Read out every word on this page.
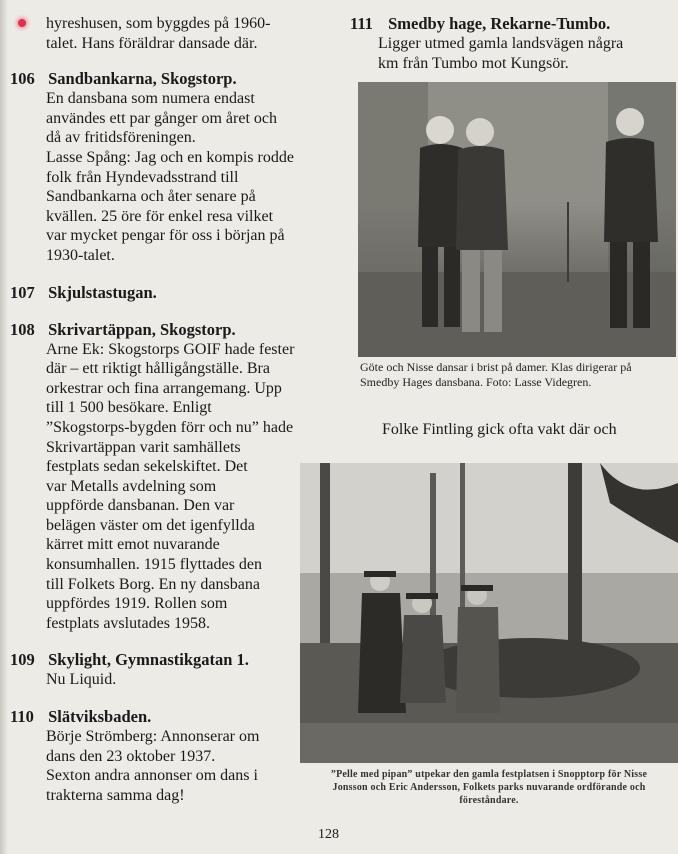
hyreshusen, som byggdes på 1960-

talet. Hans föräldrar dansade där.

106 Sandbankarna, Skogstorp.

En dansbana som numera endast

användes ett par gånger om året och

då av fritidsföreningen.

Lasse Spång: Jag och en kompis rodde

folk från Hyndevadsstrand till

Sandbankarna och åter senare på

kvällen. 25 öre för enkel resa vilket

var mycket pengar för oss i början på

1930-talet.

107 Skjulstastugan.

108 Skrivartäppan, Skogstorp.

Arne Ek: Skogstorps GOIF hade fester

där – ett riktigt hålligångställe. Bra

orkestrar och fina arrangemang. Upp

till 1 500 besökare. Enligt

”Skogstorps-bygden förr och nu” hade

Skrivartäppan varit samhällets

festplats sedan sekelskiftet. Det

var Metalls avdelning som

uppförde dansbanan. Den var

belägen väster om det igenfyllda

kärret mitt emot nuvarande

konsumhallen. 1915 flyttades den

till Folkets Borg. En ny dansbana

uppfördes 1919. Rollen som

festplats avslutades 1958.

109 Skylight, Gymnastikgatan 1.

Nu Liquid.

110 Slätviksbaden.

Börje Strömberg: Annonserar om

dans den 23 oktober 1937.

Sexton andra annonser om dans i

trakterna samma dag!

111 Smedby hage, Rekarne-Tumbo.

Ligger utmed gamla landsvägen några

km från Tumbo mot Kungsör.

Göte och Nisse dansar i brist på damer. Klas dirigerar på
Smedby Hages dansbana. Foto: Lasse Videgren.
Folke Fintling gick ofta vakt där och
”Pelle med pipan” utpekar den gamla festplatsen i Snopptorp för Nisse
Jonsson och Eric Andersson, Folkets parks nuvarande ordförande och
föreståndare.
128
